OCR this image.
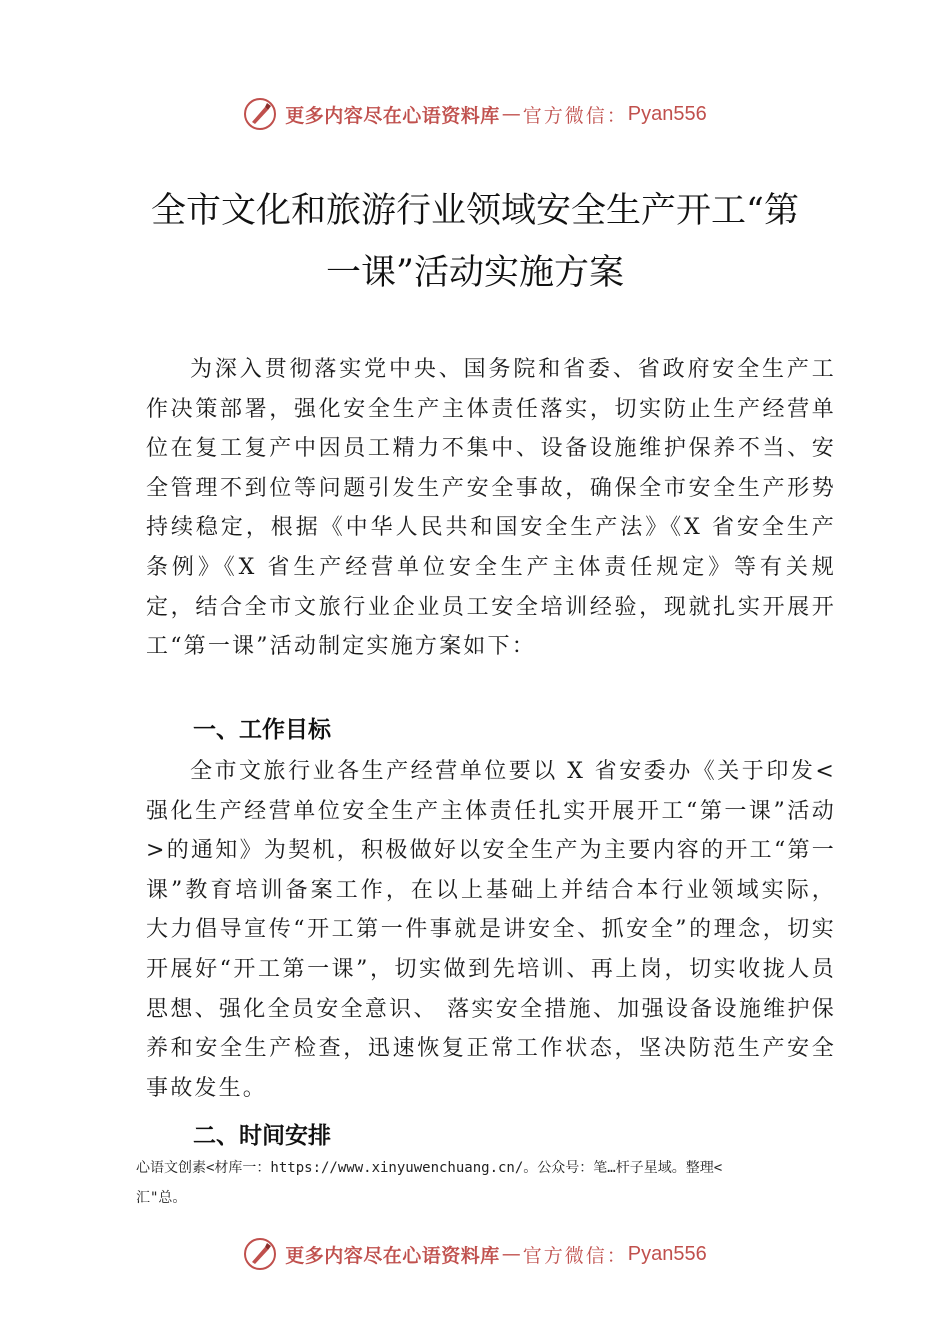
更多内容尽在心语资料库 — 官方微信： Pyan556
全市文化和旅游行业领域安全生产开工“第
一课”活动实施方案

为深入贯彻落实党中央、国务院和省委、省政府安全生产工作决策部署，强化安全生产主体责任落实，切实防止生产经营单位在复工复产中因员工精力不集中、设备设施维护保养不当、安全管理不到位等问题引发生产安全事故，确保全市安全生产形势持续稳定，根据《中华人民共和国安全生产法》《X 省安全生产条例》《X 省生产经营单位安全生产主体责任规定》等有关规定，结合全市文旅行业企业员工安全培训经验，现就扎实开展开工“第一课”活动制定实施方案如下：

一、工作目标

全市文旅行业各生产经营单位要以 X 省安委办《关于印发<强化生产经营单位安全生产主体责任扎实开展开工“第一课”活动>的通知》为契机，积极做好以安全生产为主要内容的开工“第一课”教育培训备案工作，在以上基础上并结合本行业领域实际，大力倡导宣传“开工第一件事就是讲安全、抓安全”的理念，切实开展好“开工第一课”，切实做到先培训、再上岗，切实收拢人员思想、强化全员安全意识、 落实安全措施、加强设备设施维护保养和安全生产检查，迅速恢复正常工作状态，坚决防范生产安全事故发生。

二、时间安排
心语文创素<材库一：https://www.xinyuwenchuang.cn/。公众号：笔…杆子星域。整理<
汇"总。
更多内容尽在心语资料库 — 官方微信： Pyan556
